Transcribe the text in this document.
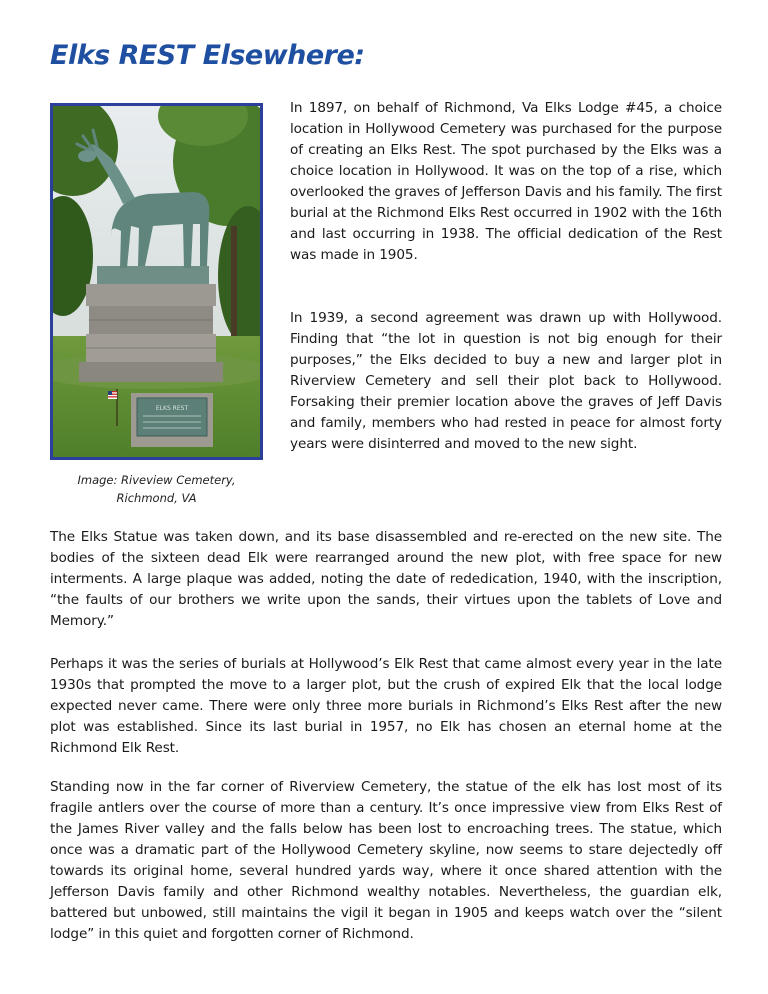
Elks REST Elsewhere:
ELKS REST
Image: Riveview Cemetery,
Richmond, VA

In 1897, on behalf of Richmond, Va Elks Lodge #45, a choice location in Hollywood Cemetery was purchased for the purpose of creating an Elks Rest. The spot purchased by the Elks was a choice location in Hollywood. It was on the top of a rise, which overlooked the graves of Jefferson Davis and his family. The first burial at the Richmond Elks Rest occurred in 1902 with the 16th and last occurring in 1938. The official dedication of the Rest was made in 1905.

In 1939, a second agreement was drawn up with Hollywood. Finding that “the lot in question is not big enough for their purposes,” the Elks decided to buy a new and larger plot in Riverview Cemetery and sell their plot back to Hollywood. Forsaking their premier location above the graves of Jeff Davis and family, members who had rested in peace for almost forty years were disinterred and moved to the new sight.

The Elks Statue was taken down, and its base disassembled and re-erected on the new site. The bodies of the sixteen dead Elk were rearranged around the new plot, with free space for new interments. A large plaque was added, noting the date of rededication, 1940, with the inscription, “the faults of our brothers we write upon the sands, their virtues upon the tablets of Love and Memory.”

Perhaps it was the series of burials at Hollywood’s Elk Rest that came almost every year in the late 1930s that prompted the move to a larger plot, but the crush of expired Elk that the local lodge expected never came. There were only three more burials in Richmond’s Elks Rest after the new plot was established. Since its last burial in 1957, no Elk has chosen an eternal home at the Richmond Elk Rest.

Standing now in the far corner of Riverview Cemetery, the statue of the elk has lost most of its fragile antlers over the course of more than a century. It’s once impressive view from Elks Rest of the James River valley and the falls below has been lost to encroaching trees. The statue, which once was a dramatic part of the Hollywood Cemetery skyline, now seems to stare dejectedly off towards its original home, several hundred yards way, where it once shared attention with the Jefferson Davis family and other Richmond wealthy notables. Nevertheless, the guardian elk, battered but unbowed, still maintains the vigil it began in 1905 and keeps watch over the “silent lodge” in this quiet and forgotten corner of Richmond.
